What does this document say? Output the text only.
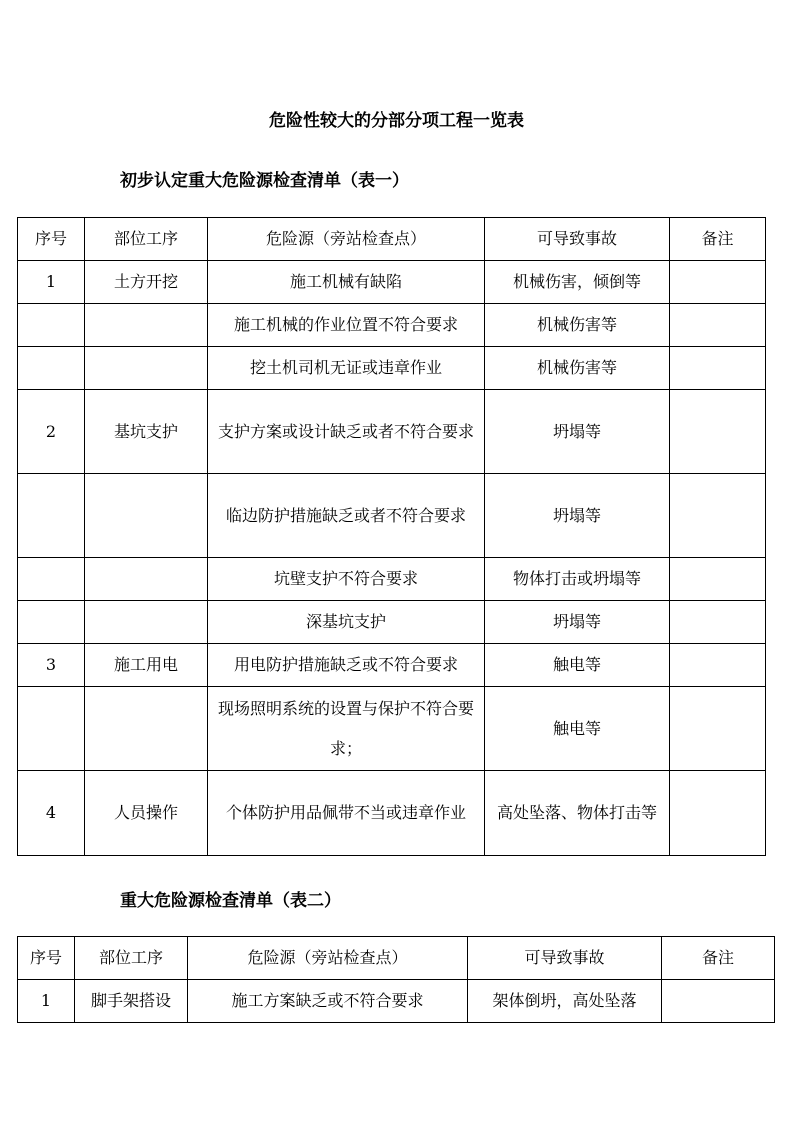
危险性较大的分部分项工程一览表
初步认定重大危险源检查清单（表一）
序号	部位工序	危险源（旁站检查点）	可导致事故	备注
1	土方开挖	施工机械有缺陷	机械伤害，倾倒等	
		施工机械的作业位置不符合要求	机械伤害等	
		挖土机司机无证或违章作业	机械伤害等	
2	基坑支护	支护方案或设计缺乏或者不符合要求	坍塌等	
		临边防护措施缺乏或者不符合要求	坍塌等	
		坑壁支护不符合要求	物体打击或坍塌等	
		深基坑支护	坍塌等	
3	施工用电	用电防护措施缺乏或不符合要求	触电等	
		现场照明系统的设置与保护不符合要求；	触电等	
4	人员操作	个体防护用品佩带不当或违章作业	高处坠落、物体打击等	
重大危险源检查清单（表二）
序号	部位工序	危险源（旁站检查点）	可导致事故	备注
1	脚手架搭设	施工方案缺乏或不符合要求	架体倒坍，高处坠落	
